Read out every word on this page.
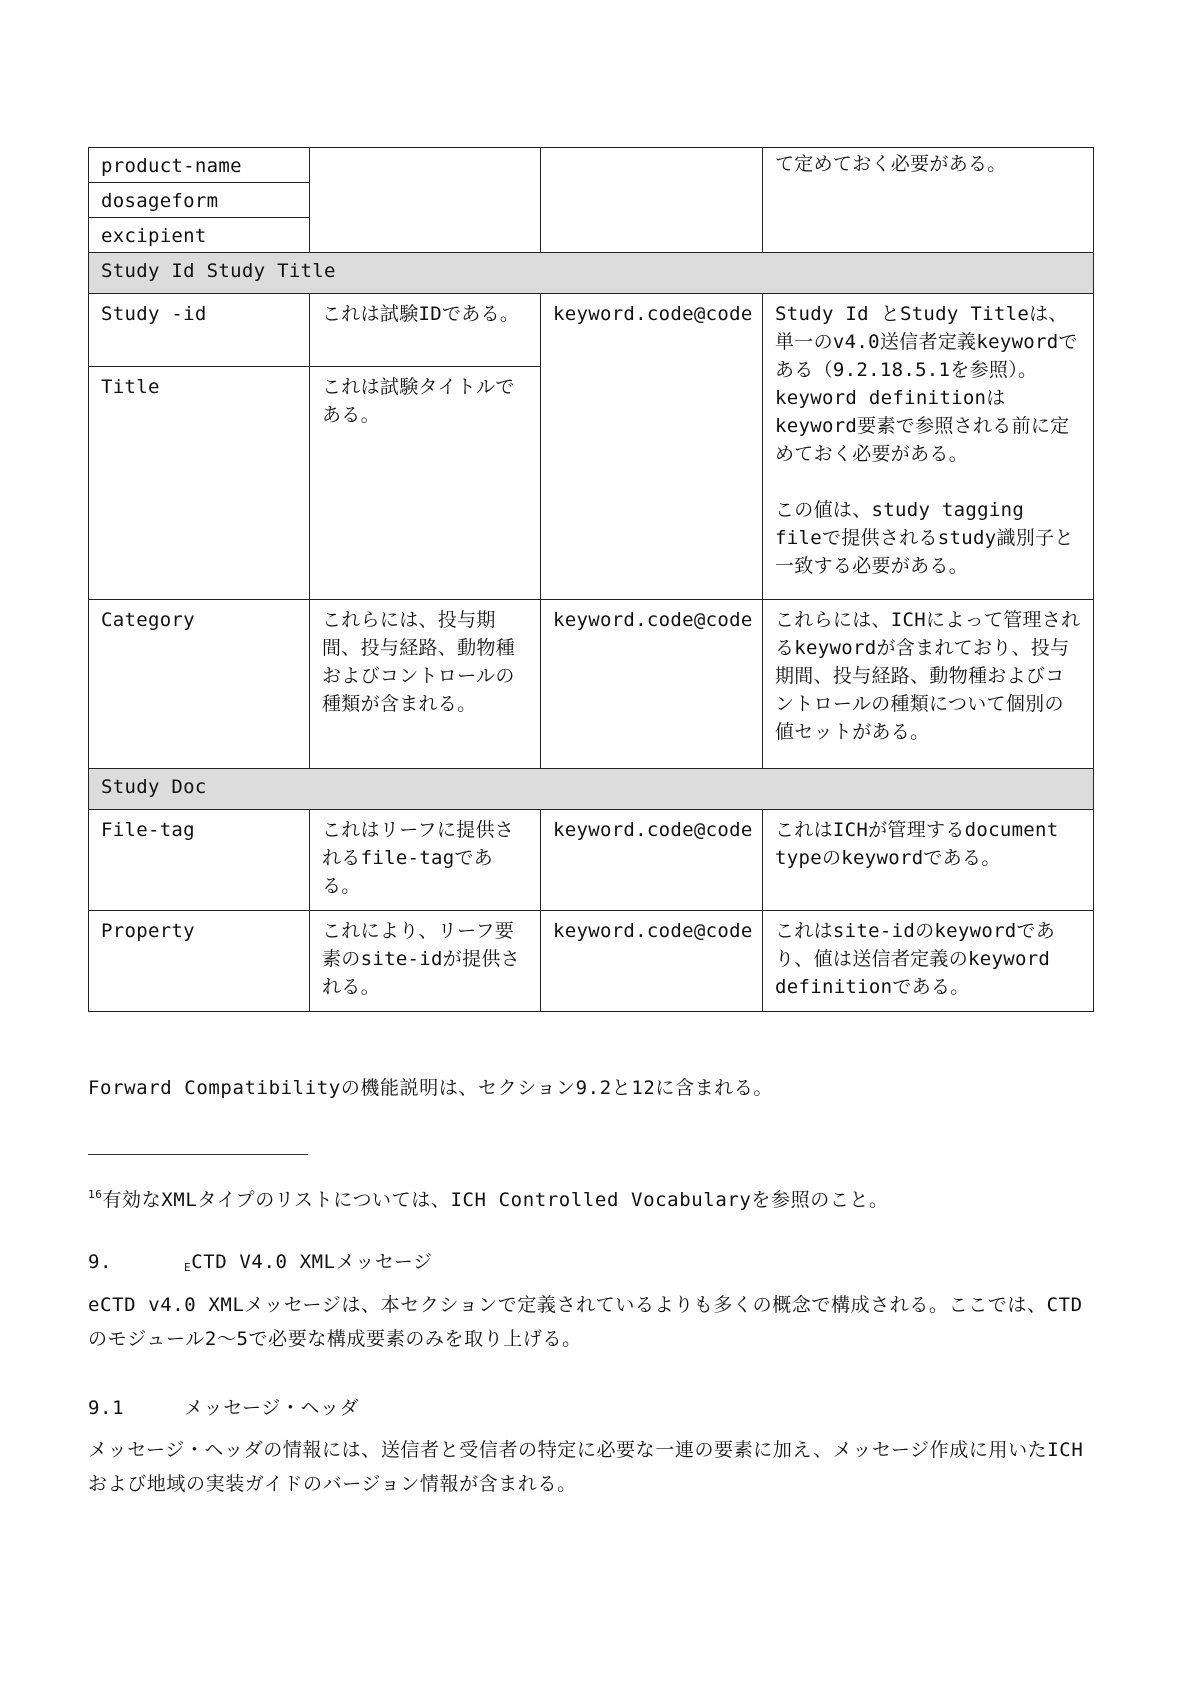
product-name			て定めておく必要がある。
dosageform			
excipient			
Study Id Study Title			
Study -id	これは試験IDである。	keyword.code@code	Study Id とStudy Titleは、単一のv4.0送信者定義keywordである（9.2.18.5.1を参照）。keyword definitionはkeyword要素で参照される前に定めておく必要がある。
この値は、study tagging fileで提供されるstudy識別子と一致する必要がある。

Title	これは試験タイトルである。		
Category	これらには、投与期間、投与経路、動物種およびコントロールの種類が含まれる。	keyword.code@code	これらには、ICHによって管理されるkeywordが含まれており、投与期間、投与経路、動物種およびコントロールの種類について個別の値セットがある。
Study Doc			
File-tag	これはリーフに提供されるfile-tagである。	keyword.code@code	これはICHが管理するdocument typeのkeywordである。
Property	これにより、リーフ要素のsite-idが提供される。	keyword.code@code	これはsite-idのkeywordであり、値は送信者定義のkeyword definitionである。
Forward Compatibilityの機能説明は、セクション9.2と12に含まれる。
$^{16}$有効なXMLタイプのリストについては、ICH Controlled Vocabularyを参照のこと。
9.	ECTD V4.0 XMLメッセージ
eCTD v4.0 XMLメッセージは、本セクションで定義されているよりも多くの概念で構成される。ここでは、CTDのモジュール2～5で必要な構成要素のみを取り上げる。
9.1	メッセージ・ヘッダ
メッセージ・ヘッダの情報には、送信者と受信者の特定に必要な一連の要素に加え、メッセージ作成に用いたICHおよび地域の実装ガイドのバージョン情報が含まれる。
